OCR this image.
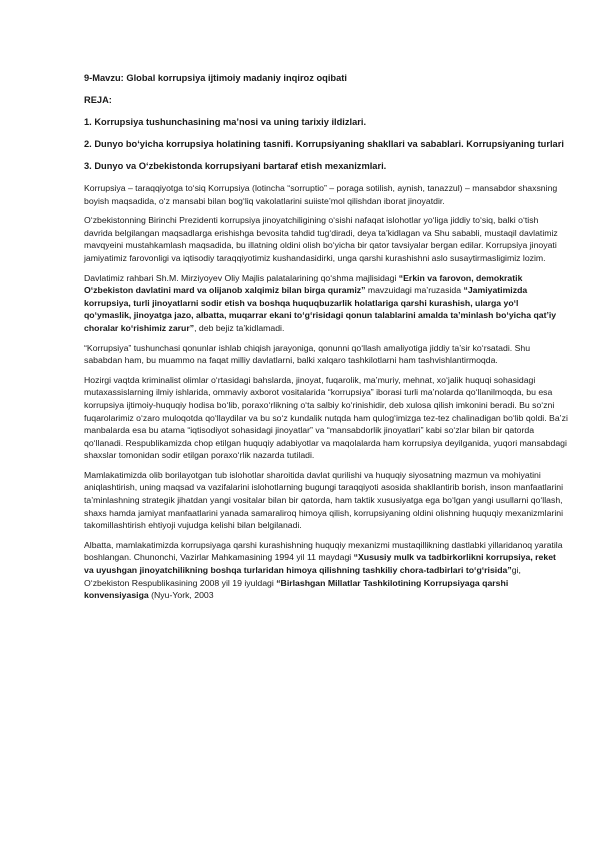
9-Mavzu: Global korrupsiya ijtimoiy madaniy inqiroz oqibati

REJA:

1. Korrupsiya tushunchasining ma’nosi va uning tarixiy ildizlari.

2. Dunyo bo‘yicha korrupsiya holatining tasnifi. Korrupsiyaning shakllari va sabablari. Korrupsiyaning turlari

3. Dunyo va O‘zbekistonda korrupsiyani bartaraf etish mexanizmlari.

Korrupsiya – taraqqiyotga to‘siq Korrupsiya (lotincha “sorruptio” – poraga sotilish, aynish, tanazzul) – mansabdor shaxsning boyish maqsadida, o‘z mansabi bilan bog‘liq vakolatlarini suiiste’mol qilishdan iborat jinoyatdir.

O‘zbekistonning Birinchi Prezidenti korrupsiya jinoyatchiligining o‘sishi nafaqat islohotlar yo‘liga jiddiy to‘siq, balki o‘tish davrida belgilangan maqsadlarga erishishga bevosita tahdid tug‘diradi, deya ta’kidlagan va Shu sababli, mustaqil davlatimiz mavqyeini mustahkamlash maqsadida, bu illatning oldini olish bo‘yicha bir qator tavsiyalar bergan edilar. Korrupsiya jinoyati jamiyatimiz farovonligi va iqtisodiy taraqqiyotimiz kushandasidirki, unga qarshi kurashishni aslo susaytirmasligimiz lozim.

Davlatimiz rahbari Sh.M. Mirziyoyev Oliy Majlis palatalarining qo‘shma majlisidagi “Erkin va farovon, demokratik O‘zbekiston davlatini mard va olijanob xalqimiz bilan birga quramiz” mavzuidagi ma’ruzasida “Jamiyatimizda korrupsiya, turli jinoyatlarni sodir etish va boshqa huquqbuzarlik holatlariga qarshi kurashish, ularga yo‘l qo‘ymaslik, jinoyatga jazo, albatta, muqarrar ekani to‘g‘risidagi qonun talablarini amalda ta’minlash bo‘yicha qat’iy choralar ko‘rishimiz zarur”, deb bejiz ta’kidlamadi.

“Korrupsiya” tushunchasi qonunlar ishlab chiqish jarayoniga, qonunni qo‘llash amaliyotiga jiddiy ta’sir ko‘rsatadi. Shu sababdan ham, bu muammo na faqat milliy davlatlarni, balki xalqaro tashkilotlarni ham tashvishlantirmoqda.

Hozirgi vaqtda kriminalist olimlar o‘rtasidagi bahslarda, jinoyat, fuqarolik, ma’muriy, mehnat, xo‘jalik huquqi sohasidagi mutaxassislarning ilmiy ishlarida, ommaviy axborot vositalarida “korrupsiya” iborasi turli ma’nolarda qo‘llanilmoqda, bu esa korrupsiya ijtimoiy-huquqiy hodisa bo‘lib, poraxo‘rlikning o‘ta salbiy ko‘rinishidir, deb xulosa qilish imkonini beradi. Bu so‘zni fuqarolarimiz o‘zaro muloqotda qo‘llaydilar va bu so‘z kundalik nutqda ham qulog‘imizga tez-tez chalinadigan bo‘lib qoldi. Ba’zi manbalarda esa bu atama “iqtisodiyot sohasidagi jinoyatlar” va “mansabdorlik jinoyatlari” kabi so‘zlar bilan bir qatorda qo‘llanadi. Respublikamizda chop etilgan huquqiy adabiyotlar va maqolalarda ham korrupsiya deyilganida, yuqori mansabdagi shaxslar tomonidan sodir etilgan poraxo‘rlik nazarda tutiladi.

Mamlakatimizda olib borilayotgan tub islohotlar sharoitida davlat qurilishi va huquqiy siyosatning mazmun va mohiyatini aniqlashtirish, uning maqsad va vazifalarini islohotlarning bugungi taraqqiyoti asosida shakllantirib borish, inson manfaatlarini ta’minlashning strategik jihatdan yangi vositalar bilan bir qatorda, ham taktik xususiyatga ega bo‘lgan yangi usullarni qo‘llash, shaxs hamda jamiyat manfaatlarini yanada samaraliroq himoya qilish, korrupsiyaning oldini olishning huquqiy mexanizmlarini takomillashtirish ehtiyoji vujudga kelishi bilan belgilanadi.

Albatta, mamlakatimizda korrupsiyaga qarshi kurashishning huquqiy mexanizmi mustaqillikning dastlabki yillaridanoq yaratila boshlangan. Chunonchi, Vazirlar Mahkamasining 1994 yil 11 maydagi “Xususiy mulk va tadbirkorlikni korrupsiya, reket va uyushgan jinoyatchilikning boshqa turlaridan himoya qilishning tashkiliy chora-tadbirlari to‘g‘risida”gi, O‘zbekiston Respublikasining 2008 yil 19 iyuldagi “Birlashgan Millatlar Tashkilotining Korrupsiyaga qarshi konvensiyasiga (Nyu-York, 2003
